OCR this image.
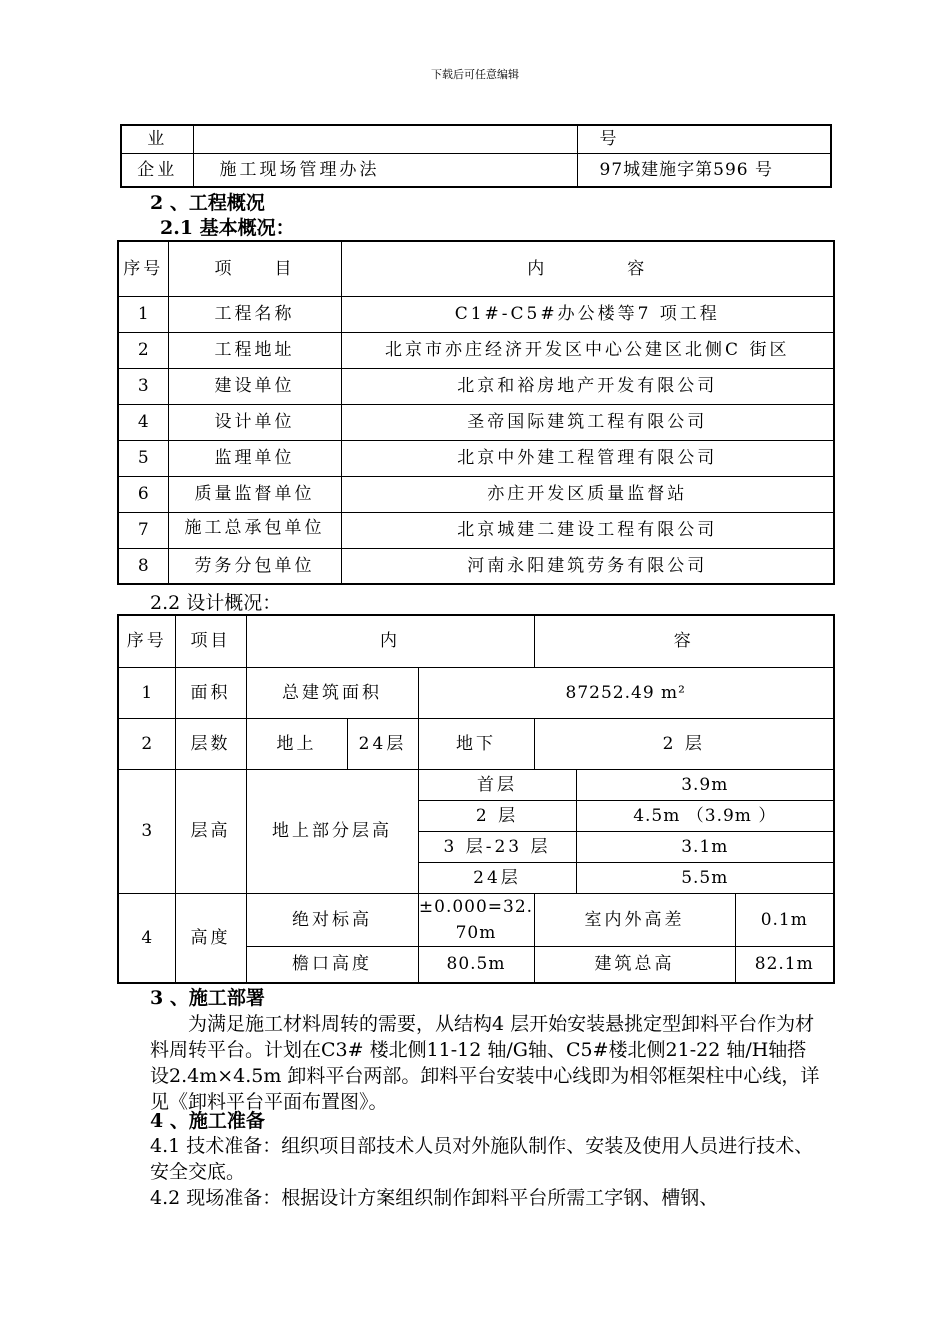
下载后可任意编辑
业		号
企业	施工现场管理办法	97城建施字第596 号
2 、工程概况
2.1 基本概况：
序号	项　　目	内　　　　容
1	工程名称	C1#-C5#办公楼等7 项工程
2	工程地址	北京市亦庄经济开发区中心公建区北侧C 街区
3	建设单位	北京和裕房地产开发有限公司
4	设计单位	圣帝国际建筑工程有限公司
5	监理单位	北京中外建工程管理有限公司
6	质量监督单位	亦庄开发区质量监督站
7	施工总承包单位	北京城建二建设工程有限公司
8	劳务分包单位	河南永阳建筑劳务有限公司
2.2 设计概况：
序号	项目	内			容		
1	面积	总建筑面积		87252.49 m²			
2	层数	地上	24层	地下	2 层		
3	层高	地上部分层高		首层		3.9m	
				2 层		4.5m （3.9m ）	
				3 层-23 层		3.1m	
				24层		5.5m	
4	高度	绝对标高		±0.000=32.70m	室内外高差		0.1m
		檐口高度		80.5m	建筑总高		82.1m
3 、施工部署
　　为满足施工材料周转的需要，从结构4 层开始安装悬挑定型卸料平台作为材料周转平台。计划在C3# 楼北侧11-12 轴/G轴、C5#楼北侧21-22 轴/H轴搭设2.4m×4.5m 卸料平台两部。卸料平台安装中心线即为相邻框架柱中心线，详见《卸料平台平面布置图》。
4 、施工准备
4.1 技术准备：组织项目部技术人员对外施队制作、安装及使用人员进行技术、安全交底。
4.2 现场准备：根据设计方案组织制作卸料平台所需工字钢、槽钢、
